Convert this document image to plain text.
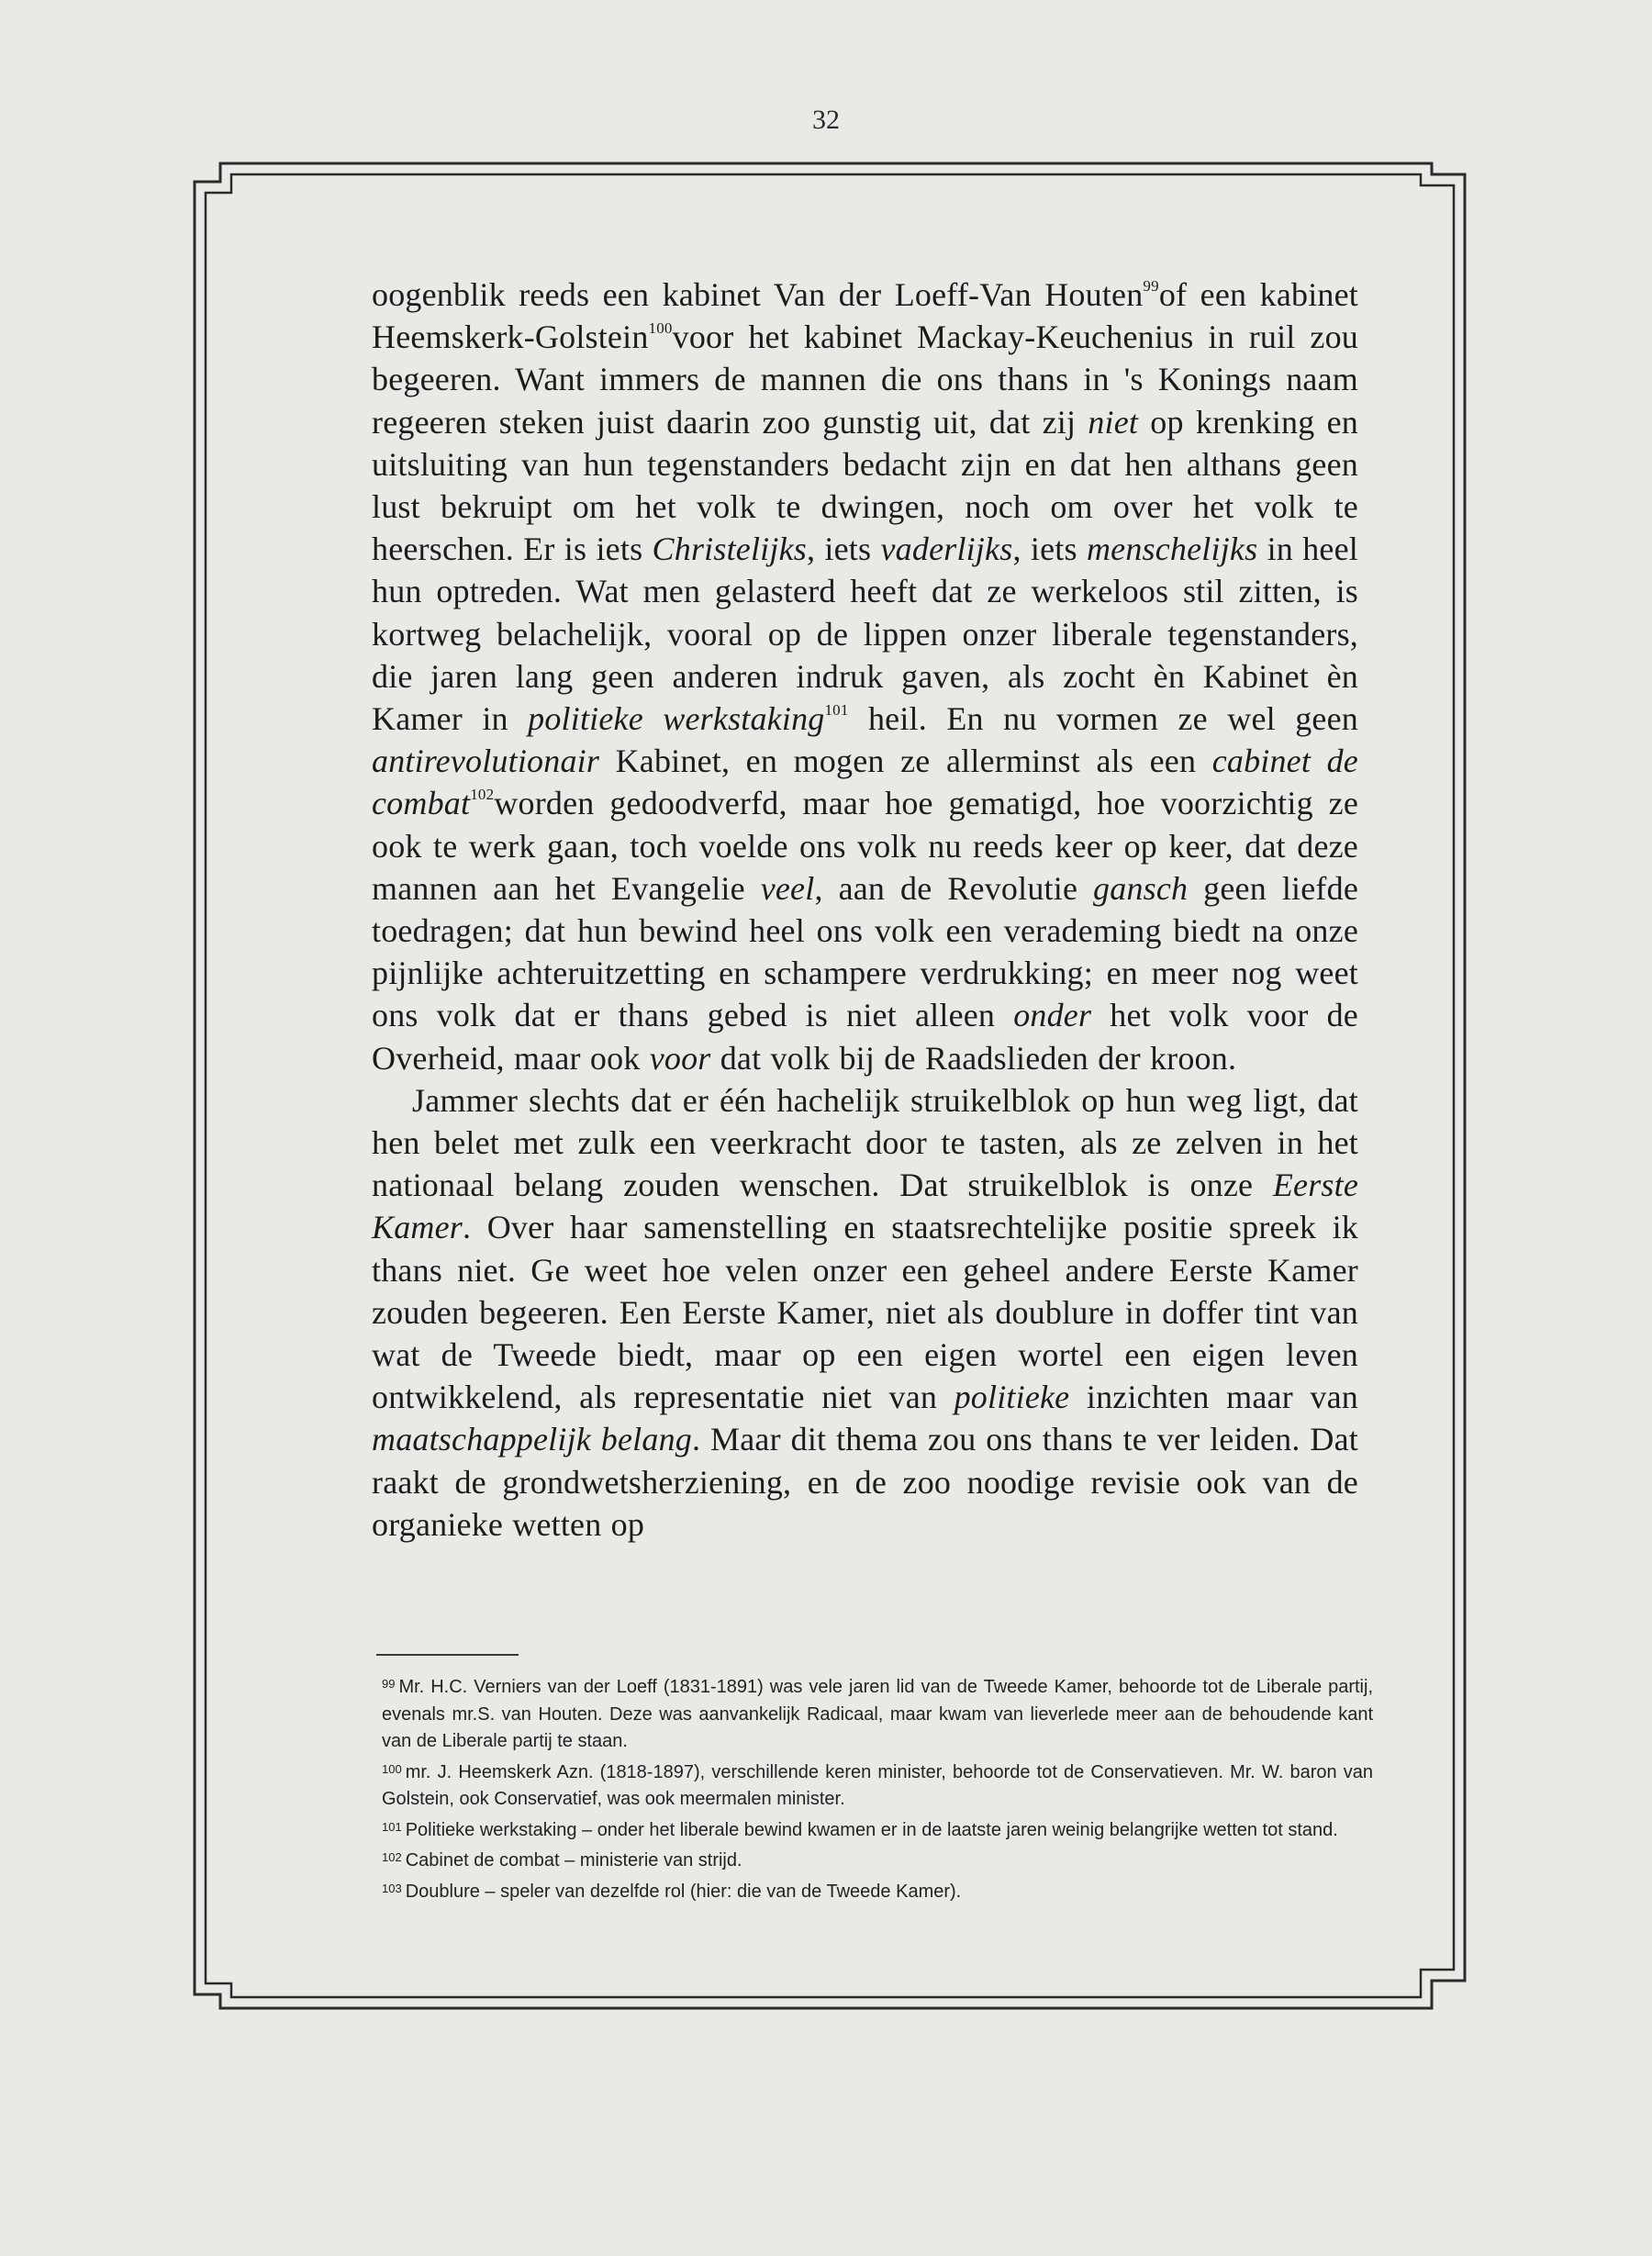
32

oogenblik reeds een kabinet Van der Loeff-Van Houten$^{99}$of een kabinet Heemskerk-Golstein$^{100}$voor het kabinet Mackay-Keuchenius in ruil zou begeeren. Want immers de mannen die ons thans in 's Konings naam regeeren steken juist daarin zoo gunstig uit, dat zij niet op krenking en uitsluiting van hun tegenstanders bedacht zijn en dat hen althans geen lust bekruipt om het volk te dwingen, noch om over het volk te heerschen. Er is iets Christelijks, iets vaderlijks, iets menschelijks in heel hun optreden. Wat men gelasterd heeft dat ze werkeloos stil zitten, is kortweg belachelijk, vooral op de lippen onzer liberale tegenstanders, die jaren lang geen anderen indruk gaven, als zocht èn Kabinet èn Kamer in politieke werkstaking$^{101}$ heil. En nu vormen ze wel geen antirevolutionair Kabinet, en mogen ze allerminst als een cabinet de combat$^{102}$worden gedoodverfd, maar hoe gematigd, hoe voorzichtig ze ook te werk gaan, toch voelde ons volk nu reeds keer op keer, dat deze mannen aan het Evangelie veel, aan de Revolutie gansch geen liefde toedragen; dat hun bewind heel ons volk een verademing biedt na onze pijnlijke achteruitzetting en schampere verdrukking; en meer nog weet ons volk dat er thans gebed is niet alleen onder het volk voor de Overheid, maar ook voor dat volk bij de Raadslieden der kroon.

Jammer slechts dat er één hachelijk struikelblok op hun weg ligt, dat hen belet met zulk een veerkracht door te tasten, als ze zelven in het nationaal belang zouden wenschen. Dat struikelblok is onze Eerste Kamer. Over haar samenstelling en staatsrechtelijke positie spreek ik thans niet. Ge weet hoe velen onzer een geheel andere Eerste Kamer zouden begeeren. Een Eerste Kamer, niet als doublure in doffer tint van wat de Tweede biedt, maar op een eigen wortel een eigen leven ontwikkelend, als representatie niet van politieke inzichten maar van maatschappelijk belang. Maar dit thema zou ons thans te ver leiden. Dat raakt de grondwetsherziening, en de zoo noodige revisie ook van de organieke wetten op

$^{99}$ Mr. H.C. Verniers van der Loeff (1831-1891) was vele jaren lid van de Tweede Kamer, behoorde tot de Liberale partij, evenals mr.S. van Houten. Deze was aanvankelijk Radicaal, maar kwam van lieverlede meer aan de behoudende kant van de Liberale partij te staan.

$^{100}$ mr. J. Heemskerk Azn. (1818-1897), verschillende keren minister, behoorde tot de Conservatieven. Mr. W. baron van Golstein, ook Conservatief, was ook meermalen minister.

$^{101}$ Politieke werkstaking – onder het liberale bewind kwamen er in de laatste jaren weinig belangrijke wetten tot stand.

$^{102}$ Cabinet de combat – ministerie van strijd.

$^{103}$ Doublure – speler van dezelfde rol (hier: die van de Tweede Kamer).
